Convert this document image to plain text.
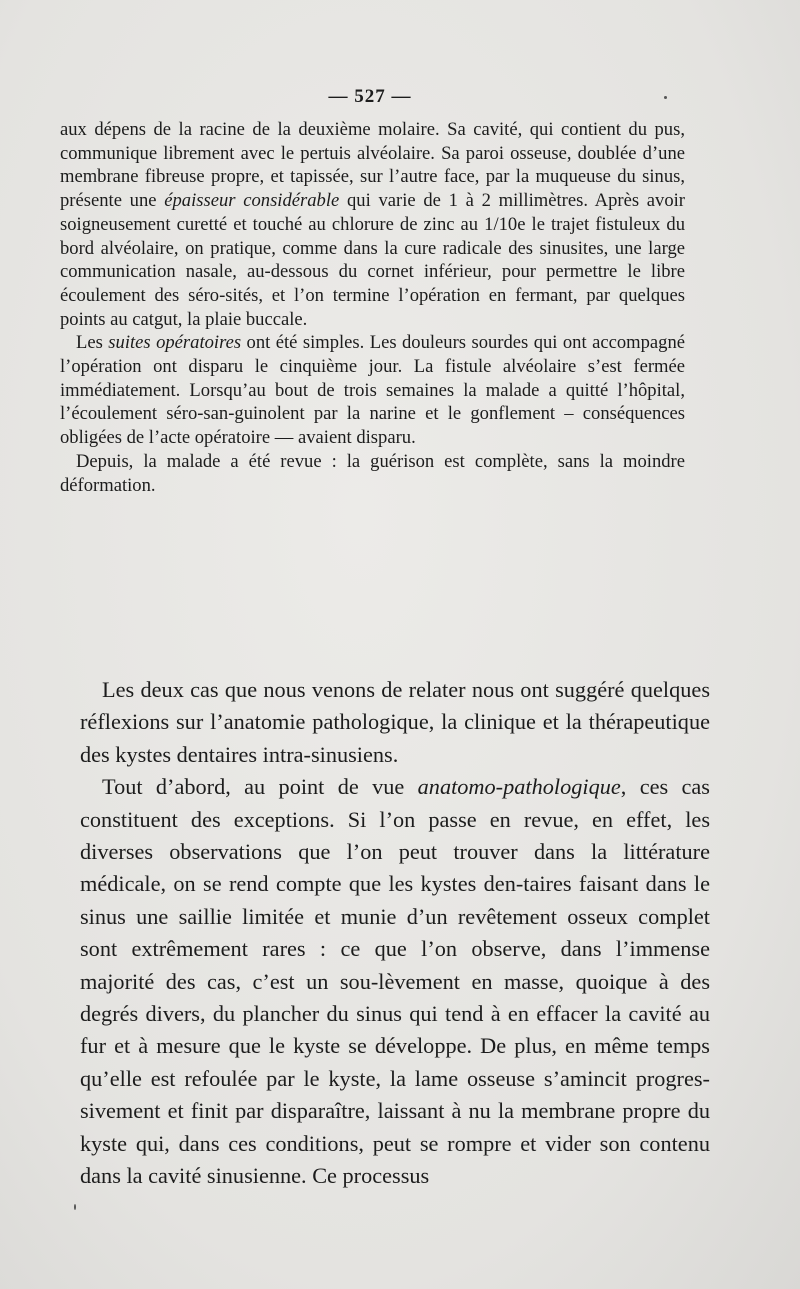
— 527 —

aux dépens de la racine de la deuxième molaire. Sa cavité, qui contient du pus, communique librement avec le pertuis alvéolaire. Sa paroi osseuse, doublée d’une membrane fibreuse propre, et tapissée, sur l’autre face, par la muqueuse du sinus, présente une épaisseur considérable qui varie de 1 à 2 millimètres. Après avoir soigneusement curetté et touché au chlorure de zinc au 1/10e le trajet fistuleux du bord alvéolaire, on pratique, comme dans la cure radicale des sinusites, une large communication nasale, au-dessous du cornet inférieur, pour permettre le libre écoulement des séro-sités, et l’on termine l’opération en fermant, par quelques points au catgut, la plaie buccale.

Les suites opératoires ont été simples. Les douleurs sourdes qui ont accompagné l’opération ont disparu le cinquième jour. La fistule alvéolaire s’est fermée immédiatement. Lorsqu’au bout de trois semaines la malade a quitté l’hôpital, l’écoulement séro-san-guinolent par la narine et le gonflement – conséquences obligées de l’acte opératoire — avaient disparu.

Depuis, la malade a été revue : la guérison est complète, sans la moindre déformation.

Les deux cas que nous venons de relater nous ont suggéré quelques réflexions sur l’anatomie pathologique, la clinique et la thérapeutique des kystes dentaires intra-sinusiens.

Tout d’abord, au point de vue anatomo-pathologique, ces cas constituent des exceptions. Si l’on passe en revue, en effet, les diverses observations que l’on peut trouver dans la littérature médicale, on se rend compte que les kystes den-taires faisant dans le sinus une saillie limitée et munie d’un revêtement osseux complet sont extrêmement rares : ce que l’on observe, dans l’immense majorité des cas, c’est un sou-lèvement en masse, quoique à des degrés divers, du plancher du sinus qui tend à en effacer la cavité au fur et à mesure que le kyste se développe. De plus, en même temps qu’elle est refoulée par le kyste, la lame osseuse s’amincit progres-sivement et finit par disparaître, laissant à nu la membrane propre du kyste qui, dans ces conditions, peut se rompre et vider son contenu dans la cavité sinusienne. Ce processus
